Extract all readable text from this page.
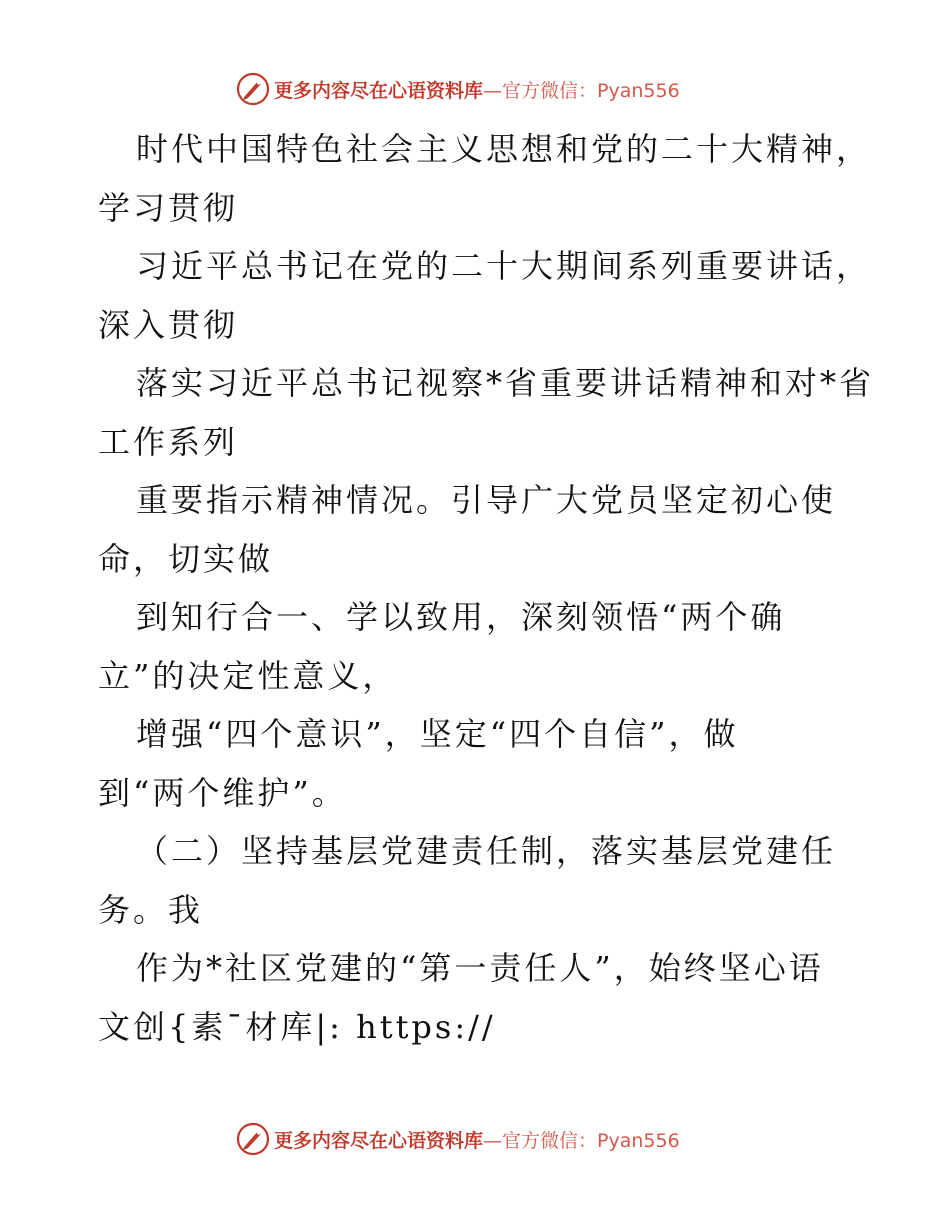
更多内容尽在心语资料库 —官方微信：Pyan556
时代中国特色社会主义思想和党的二十大精神，
学习贯彻
习近平总书记在党的二十大期间系列重要讲话，
深入贯彻
落实习近平总书记视察*省重要讲话精神和对*省
工作系列
重要指示精神情况。引导广大党员坚定初心使
命，切实做
到知行合一、学以致用，深刻领悟“两个确
立”的决定性意义，
增强“四个意识”，坚定“四个自信”，做
到“两个维护”。
（二）坚持基层党建责任制，落实基层党建任
务。我
作为*社区党建的“第一责任人”，始终坚心语
文创{素¯材库|: https://
更多内容尽在心语资料库 —官方微信：Pyan556
